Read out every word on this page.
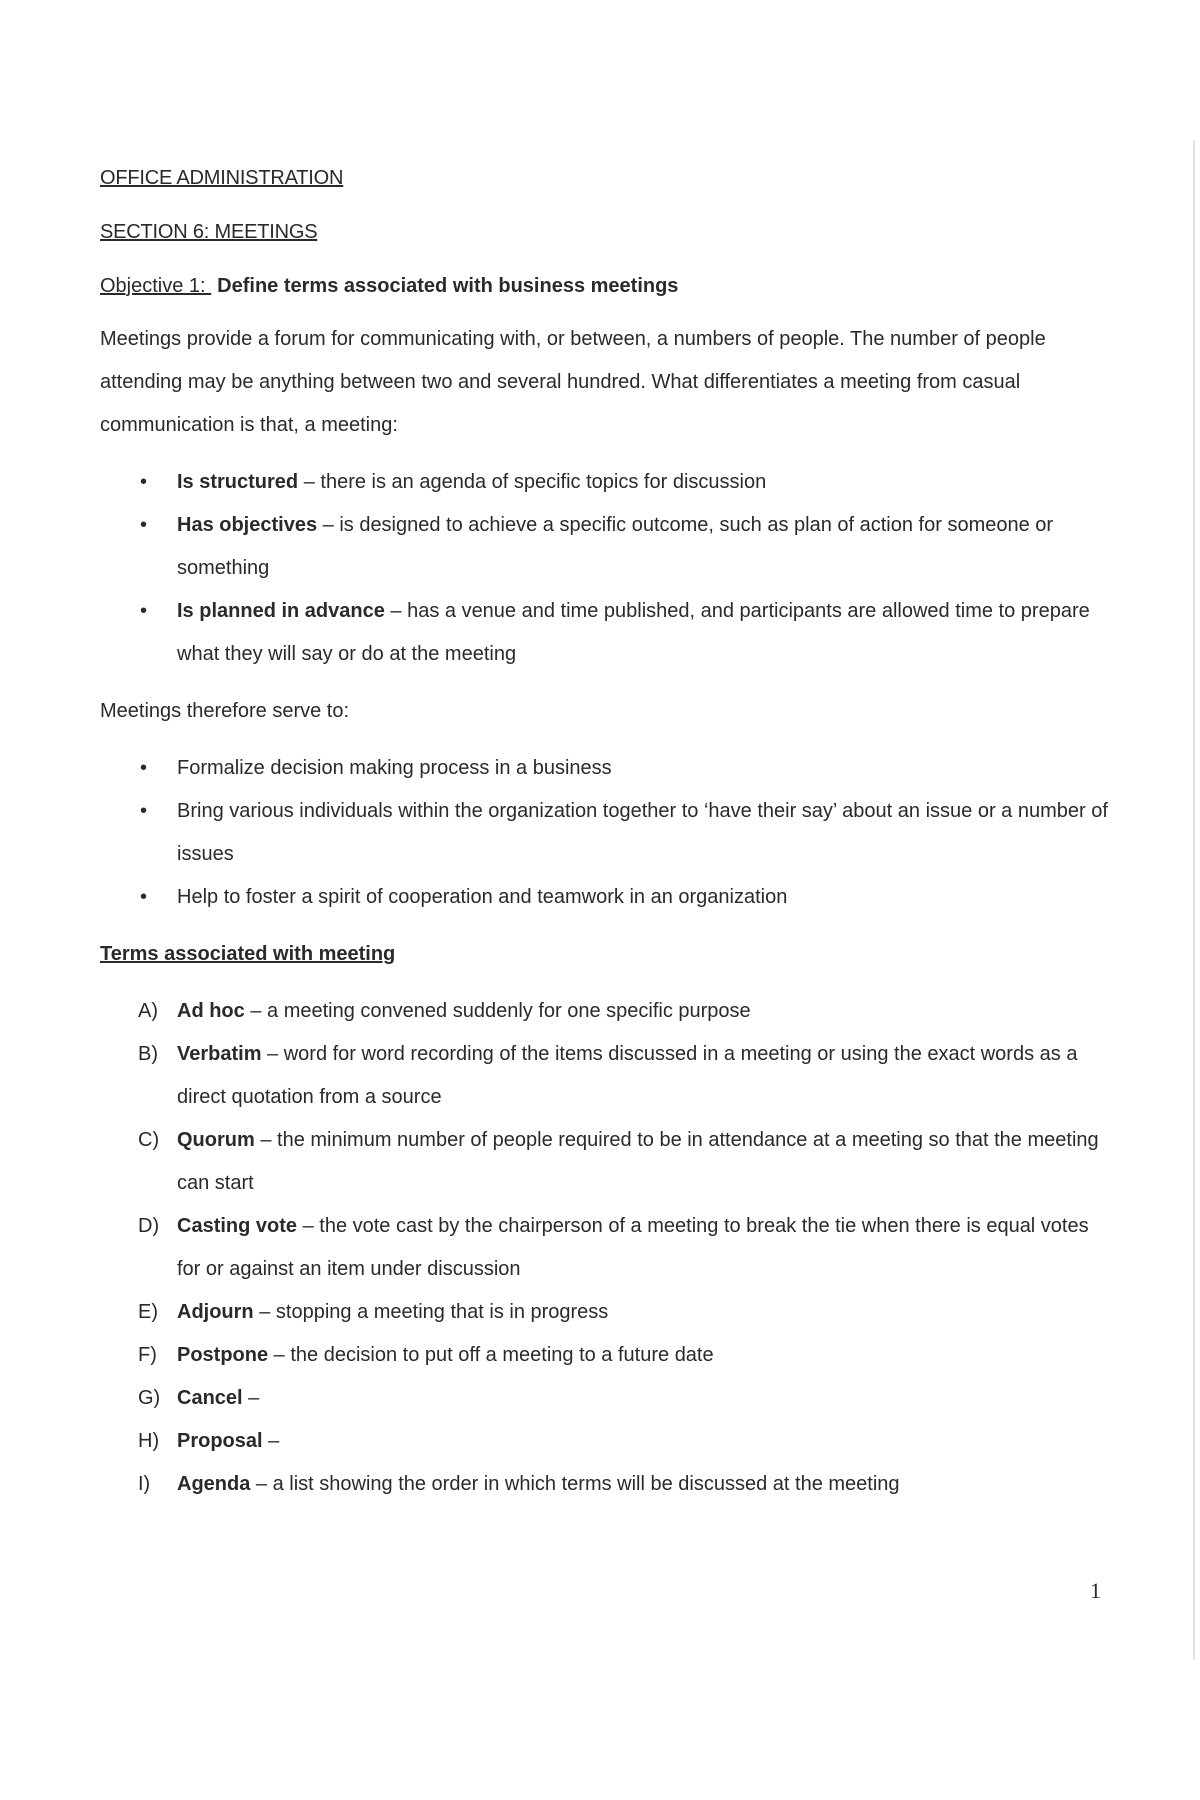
OFFICE ADMINISTRATION
SECTION 6: MEETINGS
Objective 1: Define terms associated with business meetings

Meetings provide a forum for communicating with, or between, a numbers of people. The number of people attending may be anything between two and several hundred. What differentiates a meeting from casual communication is that, a meeting:

• Is structured – there is an agenda of specific topics for discussion
• Has objectives – is designed to achieve a specific outcome, such as plan of action for someone or something
• Is planned in advance – has a venue and time published, and participants are allowed time to prepare what they will say or do at the meeting

Meetings therefore serve to:

• Formalize decision making process in a business
• Bring various individuals within the organization together to ‘have their say’ about an issue or a number of issues
• Help to foster a spirit of cooperation and teamwork in an organization
Terms associated with meeting
A) Ad hoc – a meeting convened suddenly for one specific purpose
B) Verbatim – word for word recording of the items discussed in a meeting or using the exact words as a direct quotation from a source
C) Quorum – the minimum number of people required to be in attendance at a meeting so that the meeting can start
D) Casting vote – the vote cast by the chairperson of a meeting to break the tie when there is equal votes for or against an item under discussion
E) Adjourn – stopping a meeting that is in progress
F) Postpone – the decision to put off a meeting to a future date
G) Cancel –
H) Proposal –
I) Agenda – a list showing the order in which terms will be discussed at the meeting
1
